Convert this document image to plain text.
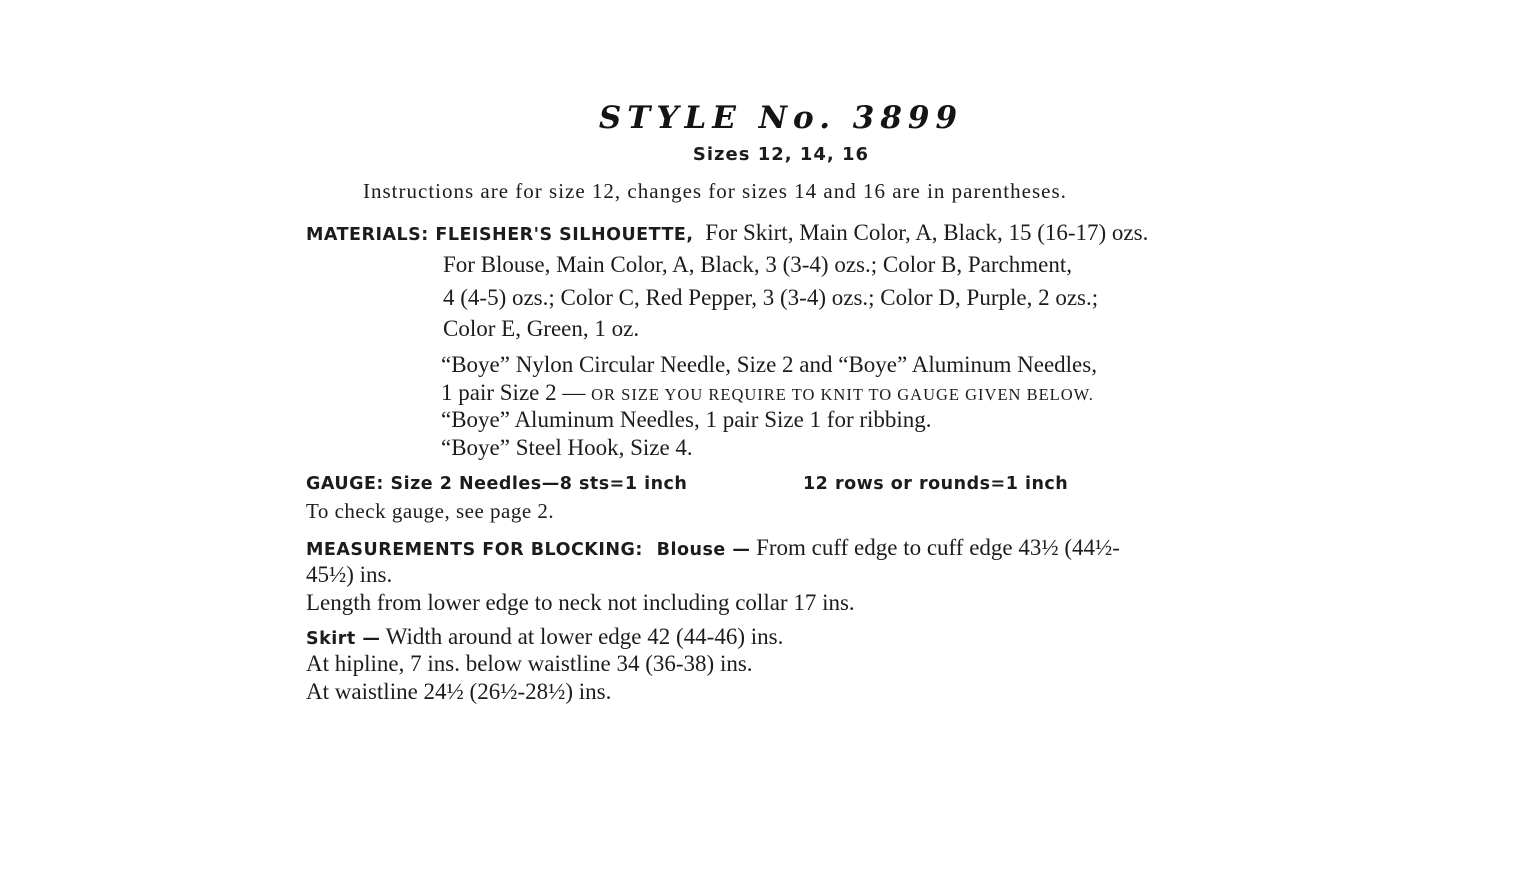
STYLE No. 3899
Sizes 12, 14, 16
Instructions are for size 12, changes for sizes 14 and 16 are in parentheses.
MATERIALS: FLEISHER'S SILHOUETTE, For Skirt, Main Color, A, Black, 15 (16-17) ozs.
For Blouse, Main Color, A, Black, 3 (3-4) ozs.; Color B, Parchment,
4 (4-5) ozs.; Color C, Red Pepper, 3 (3-4) ozs.; Color D, Purple, 2 ozs.;
Color E, Green, 1 oz.
“Boye” Nylon Circular Needle, Size 2 and “Boye” Aluminum Needles,
1 pair Size 2 — OR SIZE YOU REQUIRE TO KNIT TO GAUGE GIVEN BELOW.
“Boye” Aluminum Needles, 1 pair Size 1 for ribbing.
“Boye” Steel Hook, Size 4.
GAUGE: Size 2 Needles—8 sts=1 inch	12 rows or rounds=1 inch
To check gauge, see page 2.
MEASUREMENTS FOR BLOCKING: Blouse — From cuff edge to cuff edge 43½ (44½-
45½) ins.
Length from lower edge to neck not including collar 17 ins.
Skirt — Width around at lower edge 42 (44-46) ins.
At hipline, 7 ins. below waistline 34 (36-38) ins.
At waistline 24½ (26½-28½) ins.
